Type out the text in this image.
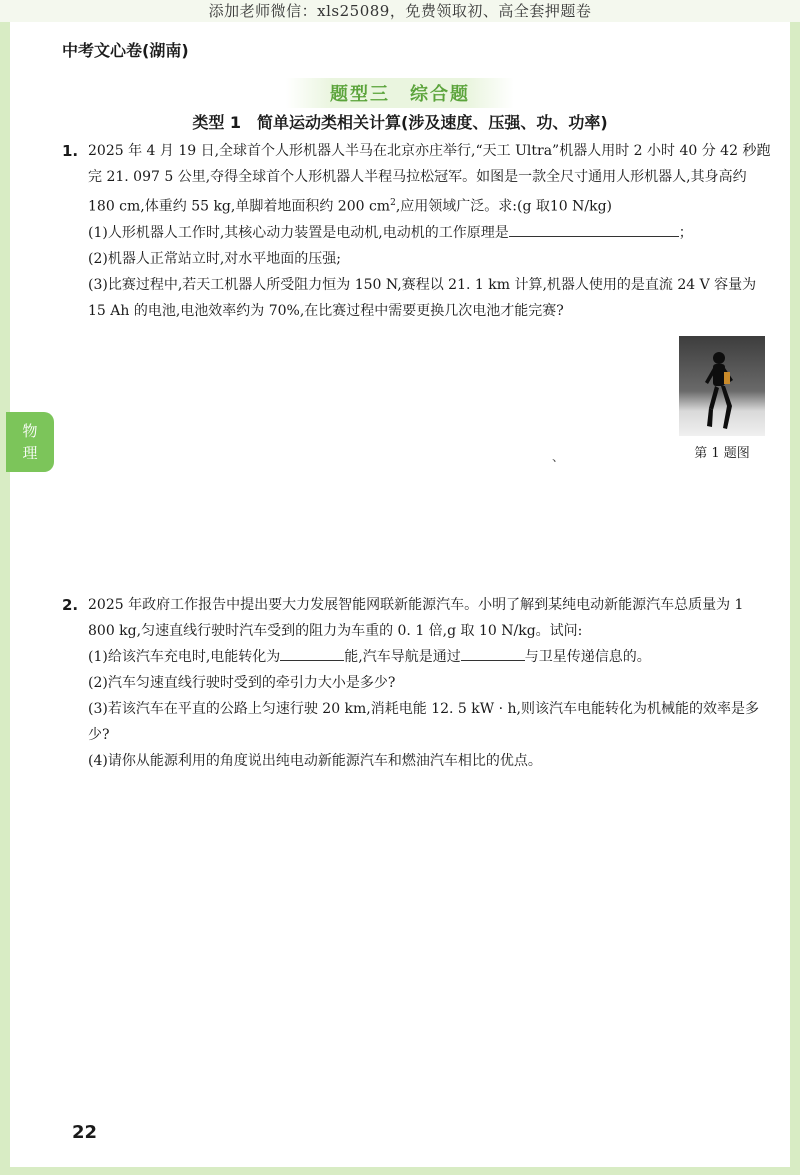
添加老师微信：xls25089，免费领取初、高全套押题卷
中考文心卷(湖南)
物
理
题型三　综合题
类型 1　简单运动类相关计算(涉及速度、压强、功、功率)
1. 2025 年 4 月 19 日,全球首个人形机器人半马在北京亦庄举行,“天工 Ultra”机器人用时 2 小时 40 分 42 秒跑完 21. 097 5 公里,夺得全球首个人形机器人半程马拉松冠军。如图是一款全尺寸通用人形机器人,其身高约 180 cm,体重约 55 kg,单脚着地面积约 200 $cm^2$,应用领域广泛。求:(g 取10 N/kg)

(1)人形机器人工作时,其核心动力装置是电动机,电动机的工作原理是	；

(2)机器人正常站立时,对水平地面的压强;

(3)比赛过程中,若天工机器人所受阻力恒为 150 N,赛程以 21. 1 km 计算,机器人使用的是直流 24 V 容量为 15 Ah 的电池,电池效率约为 70%,在比赛过程中需要更换几次电池才能完赛?

第 1 题图
、
2. 2025 年政府工作报告中提出要大力发展智能网联新能源汽车。小明了解到某纯电动新能源汽车总质量为 1 800 kg,匀速直线行驶时汽车受到的阻力为车重的 0. 1 倍,g 取 10 N/kg。试问:

(1)给该汽车充电时,电能转化为	能,汽车导航是通过	与卫星传递信息的。

(2)汽车匀速直线行驶时受到的牵引力大小是多少?

(3)若该汽车在平直的公路上匀速行驶 20 km,消耗电能 12. 5 kW · h,则该汽车电能转化为机械能的效率是多少?

(4)请你从能源利用的角度说出纯电动新能源汽车和燃油汽车相比的优点。

22
